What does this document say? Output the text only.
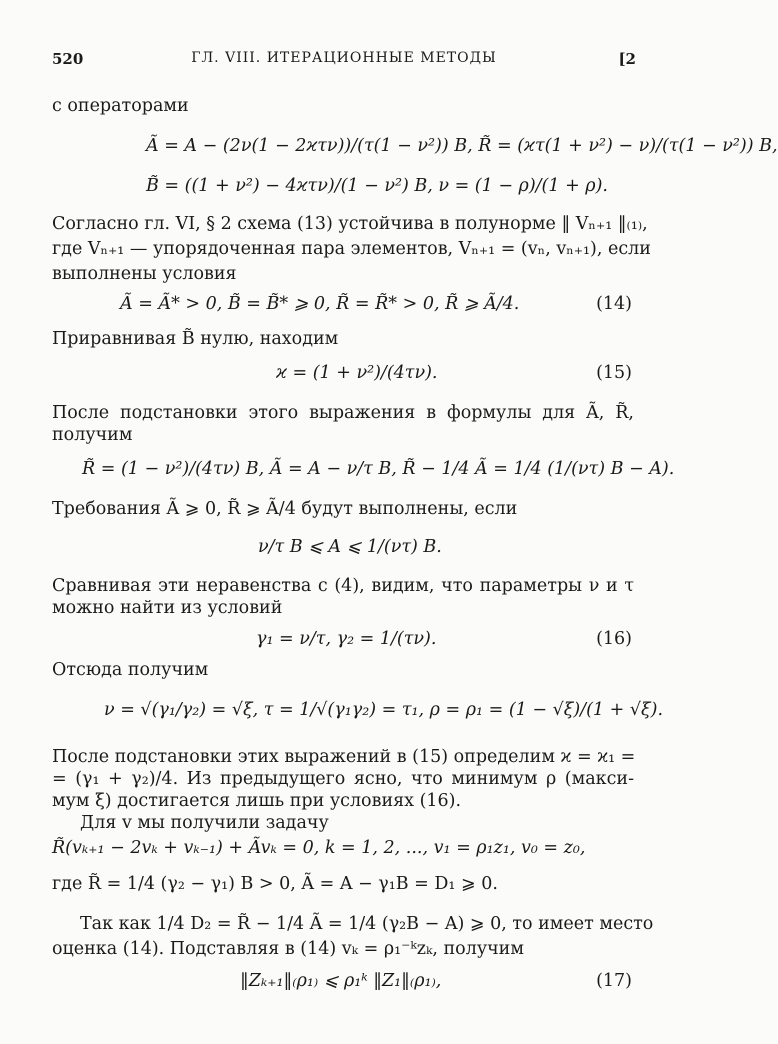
520	ГЛ. VIII. ИТЕРАЦИОННЫЕ МЕТОДЫ	[2
с операторами
Ã = A − (2ν(1 − 2ϰτν))/(τ(1 − ν²)) B, R̃ = (ϰτ(1 + ν²) − ν)/(τ(1 − ν²)) B,
B̃ = ((1 + ν²) − 4ϰτν)/(1 − ν²) B, ν = (1 − ρ)/(1 + ρ).
Согласно гл. VI, § 2 схема (13) устойчива в полунорме ‖ Vₙ₊₁ ‖₍₁₎,
где Vₙ₊₁ — упорядоченная пара элементов, Vₙ₊₁ = (vₙ, vₙ₊₁), если
выполнены условия
Ã = Ã* > 0, B̃ = B̃* ⩾ 0, R̃ = R̃* > 0, R̃ ⩾ Ã/4.	(14)
Приравнивая B̃ нулю, находим
ϰ = (1 + ν²)/(4τν).	(15)
После подстановки этого выражения в формулы для Ã, R̃,
получим
R̃ = (1 − ν²)/(4τν) B, Ã = A − ν/τ B, R̃ − 1/4 Ã = 1/4 (1/(ντ) B − A).
Требования Ã ⩾ 0, R̃ ⩾ Ã/4 будут выполнены, если
ν/τ B ⩽ A ⩽ 1/(ντ) B.
Сравнивая эти неравенства с (4), видим, что параметры ν и τ
можно найти из условий
γ₁ = ν/τ, γ₂ = 1/(τν).	(16)
Отсюда получим
ν = √(γ₁/γ₂) = √ξ, τ = 1/√(γ₁γ₂) = τ₁, ρ = ρ₁ = (1 − √ξ)/(1 + √ξ).
После подстановки этих выражений в (15) определим ϰ = ϰ₁ =
= (γ₁ + γ₂)/4. Из предыдущего ясно, что минимум ρ (макси-
мум ξ) достигается лишь при условиях (16).
Для v мы получили задачу
R̃(vₖ₊₁ − 2vₖ + vₖ₋₁) + Ãvₖ = 0, k = 1, 2, ..., v₁ = ρ₁z₁, v₀ = z₀,
где R̃ = 1/4 (γ₂ − γ₁) B > 0, Ã = A − γ₁B = D₁ ⩾ 0.
Так как 1/4 D₂ = R̃ − 1/4 Ã = 1/4 (γ₂B − A) ⩾ 0, то имеет место
оценка (14). Подставляя в (14) vₖ = ρ₁⁻ᵏzₖ, получим
‖Zₖ₊₁‖₍ρ₁₎ ⩽ ρ₁ᵏ ‖Z₁‖₍ρ₁₎,	(17)
